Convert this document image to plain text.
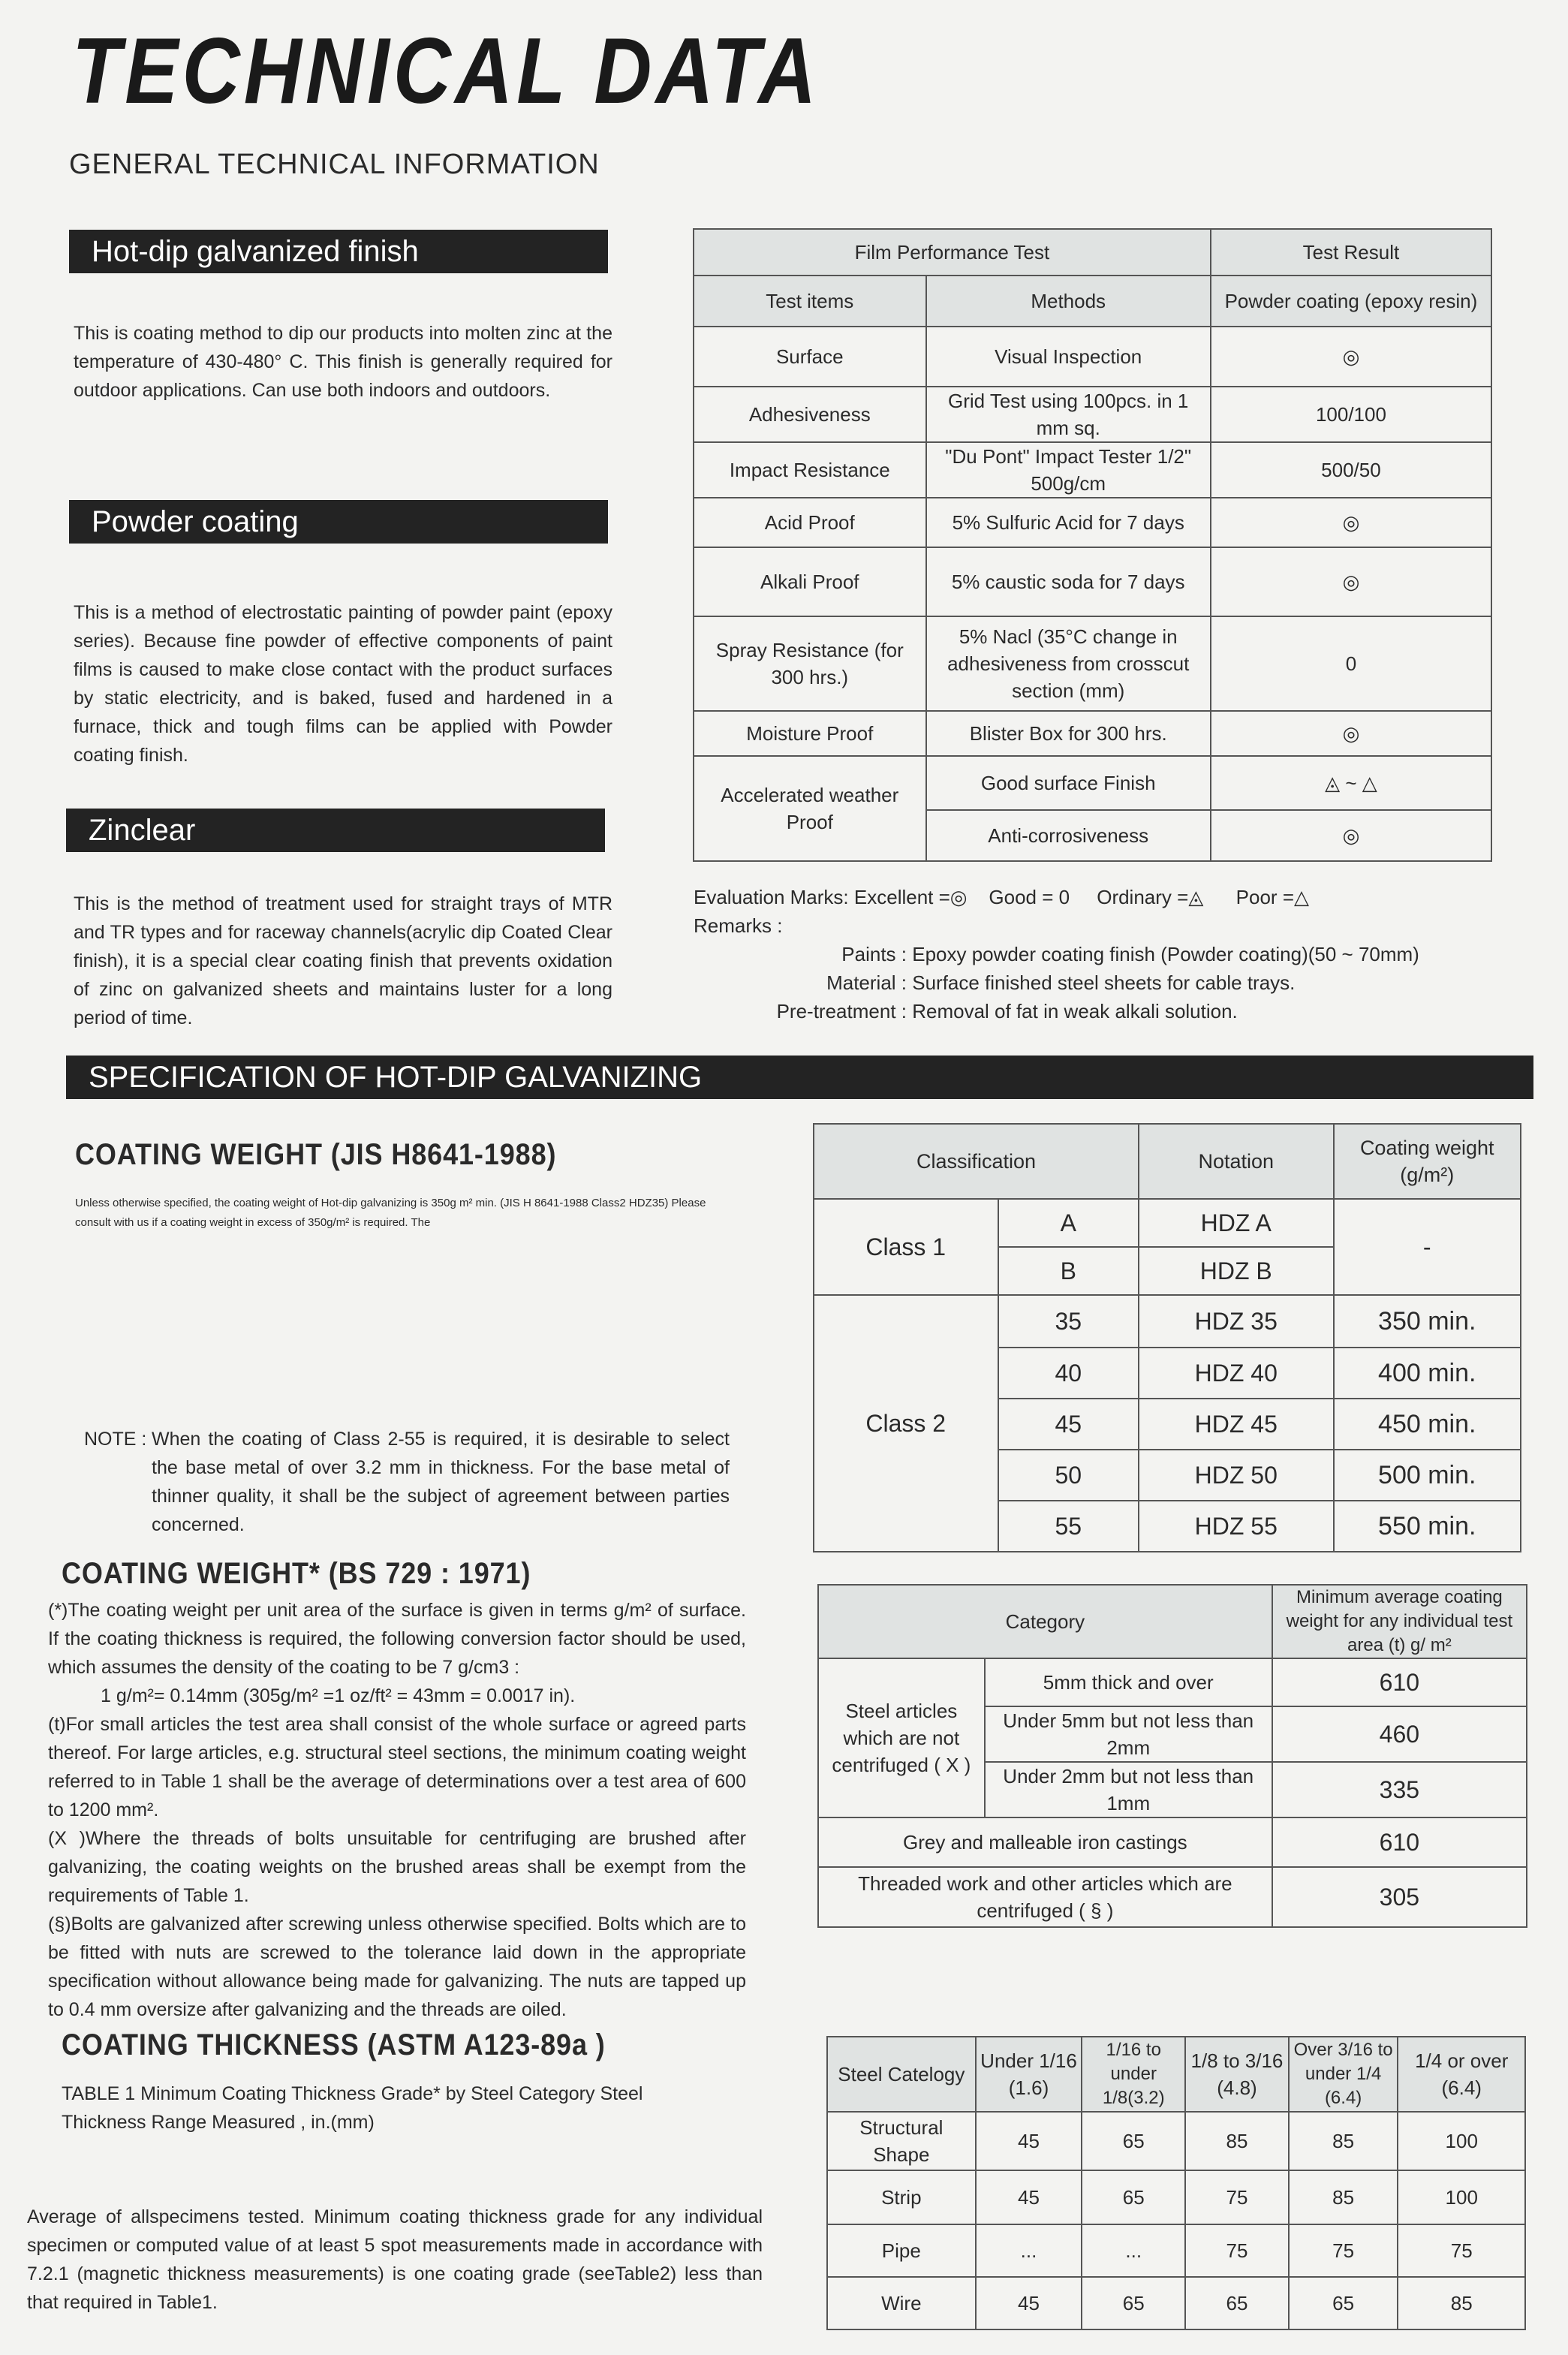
TECHNICAL DATA
GENERAL TECHNICAL INFORMATION
Hot-dip galvanized finish
This is coating method to dip our products into molten zinc at the temperature of 430-480° C. This finish is generally required for outdoor applications. Can use both indoors and outdoors.
Powder coating
This is a method of electrostatic painting of powder paint (epoxy series). Because fine powder of effective components of paint films is caused to make close contact with the product surfaces by static electricity, and is baked, fused and hardened in a furnace, thick and tough films can be applied with Powder coating finish.
Zinclear
This is the method of treatment used for straight trays of MTR and TR types and for raceway channels(acrylic dip Coated Clear finish), it is a special clear coating finish that prevents oxidation of zinc on galvanized sheets and maintains luster for a long period of time.
Film Performance Test		Test Result
Test items	Methods	Powder coating (epoxy resin)
Surface	Visual Inspection	◎
Adhesiveness	Grid Test using 100pcs. in 1 mm sq.	100/100
Impact Resistance	"Du Pont" Impact Tester 1/2" 500g/cm	500/50
Acid Proof	5% Sulfuric Acid for 7 days	◎
Alkali Proof	5% caustic soda for 7 days	◎
Spray Resistance (for 300 hrs.)	5% Nacl (35°C change in adhesiveness from crosscut section (mm)	0
Moisture Proof	Blister Box for 300 hrs.	◎
Accelerated weather Proof	Good surface Finish	◬ ~ △
	Anti-corrosiveness	◎
Evaluation Marks: Excellent =◎ Good = 0 Ordinary =◬ Poor =△
Remarks :
Paints : Epoxy powder coating finish (Powder coating)(50 ~ 70mm)
Material : Surface finished steel sheets for cable trays.
Pre-treatment : Removal of fat in weak alkali solution.
SPECIFICATION OF HOT-DIP GALVANIZING
COATING WEIGHT (JIS H8641-1988)
Unless otherwise specified, the coating weight of Hot-dip galvanizing is 350g m² min. (JIS H 8641-1988 Class2 HDZ35) Please consult with us if a coating weight in excess of 350g/m² is required. The
NOTE : When the coating of Class 2-55 is required, it is desirable to select the base metal of over 3.2 mm in thickness. For the base metal of thinner quality, it shall be the subject of agreement between parties concerned.
Classification		Notation	Coating weight (g/m²)
Class 1	A	HDZ A	-
	B	HDZ B	
Class 2	35	HDZ 35	350 min.
	40	HDZ 40	400 min.
	45	HDZ 45	450 min.
	50	HDZ 50	500 min.
	55	HDZ 55	550 min.
COATING WEIGHT* (BS 729 : 1971)

(*)The coating weight per unit area of the surface is given in terms g/m² of surface. If the coating thickness is required, the following conversion factor should be used, which assumes the density of the coating to be 7 g/cm3 :

1 g/m²= 0.14mm (305g/m² =1 oz/ft² = 43mm = 0.0017 in).

(t)For small articles the test area shall consist of the whole surface or agreed parts thereof. For large articles, e.g. structural steel sections, the minimum coating weight referred to in Table 1 shall be the average of determinations over a test area of 600 to 1200 mm².

(X )Where the threads of bolts unsuitable for centrifuging are brushed after galvanizing, the coating weights on the brushed areas shall be exempt from the requirements of Table 1.

(§)Bolts are galvanized after screwing unless otherwise specified. Bolts which are to be fitted with nuts are screwed to the tolerance laid down in the appropriate specification without allowance being made for galvanizing. The nuts are tapped up to 0.4 mm oversize after galvanizing and the threads are oiled.

Category		Minimum average coating weight for any individual test area (t) g/ m²
Steel articles which are not centrifuged ( X )	5mm thick and over	610
	Under 5mm but not less than 2mm	460
	Under 2mm but not less than 1mm	335
Grey and malleable iron castings		610
Threaded work and other articles which are centrifuged ( § )		305
COATING THICKNESS (ASTM A123-89a )
TABLE 1 Minimum Coating Thickness Grade* by Steel Category Steel Thickness Range Measured , in.(mm)
Average of allspecimens tested. Minimum coating thickness grade for any individual specimen or computed value of at least 5 spot measurements made in accordance with 7.2.1 (magnetic thickness measurements) is one coating grade (seeTable2) less than that required in Table1.
Steel Catelogy	Under 1/16 (1.6)	1/16 to under 1/8(3.2)	1/8 to 3/16 (4.8)	Over 3/16 to under 1/4 (6.4)	1/4 or over (6.4)
Structural Shape	45	65	85	85	100
Strip	45	65	75	85	100
Pipe	...	...	75	75	75
Wire	45	65	65	65	85
